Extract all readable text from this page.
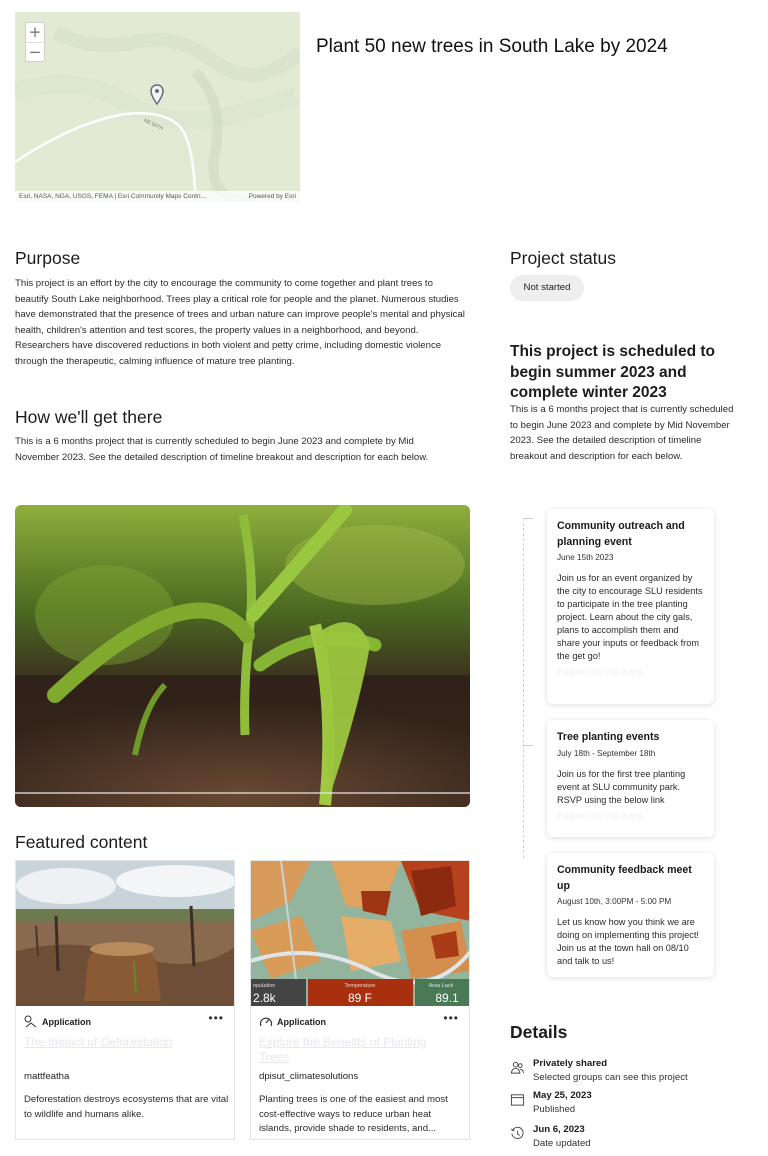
+
−
NE 50TH
Esri, NASA, NGA, USGS, FEMA | Esri Community Maps Contri...	Powered by Esri
Plant 50 new trees in South Lake by 2024
Purpose

This project is an effort by the city to encourage the community to come together and plant trees to beautify South Lake neighborhood. Trees play a critical role for people and the planet. Numerous studies have demonstrated that the presence of trees and urban nature can improve people's mental and physical health, children's attention and test scores, the property values in a neighborhood, and beyond. Researchers have discovered reductions in both violent and petty crime, including domestic violence through the therapeutic, calming influence of mature tree planting.

How we'll get there

This is a 6 months project that is currently scheduled to begin June 2023 and complete by Mid November 2023. See the detailed description of timeline breakout and description for each below.

Featured content
Application	•••
The Impact of Deforestation
mattfeatha

Deforestation destroys ecosystems that are vital to wildlife and humans alike.

opulation
2.8k
Temperature
89 F
Area Lack
89.1
Application	•••
Explore the Benefits of Planting Trees
dpisut_climatesolutions

Planting trees is one of the easiest and most cost-effective ways to reduce urban heat islands, provide shade to residents, and...

Project status
Not started
This project is scheduled to begin summer 2023 and complete winter 2023

This is a 6 months project that is currently scheduled to begin June 2023 and complete by Mid November 2023. See the detailed description of timeline breakout and description for each below.

Community outreach and planning event
June 15th 2023
Join us for an event organized by the city to encourage SLU residents to participate in the tree planting project. Learn about the city gals, plans to accomplish them and share your inputs or feedback from the get go!
Register for the event
Tree planting events
July 18th - September 18th
Join us for the first tree planting event at SLU community park. RSVP using the below link
Register for the event
Community feedback meet up
August 10th, 3:00PM - 5:00 PM
Let us know how you think we are doing on implementing this project! Join us at the town hall on 08/10 and talk to us!
Details
Privately shared
Selected groups can see this project
May 25, 2023
Published
Jun 6, 2023
Date updated
